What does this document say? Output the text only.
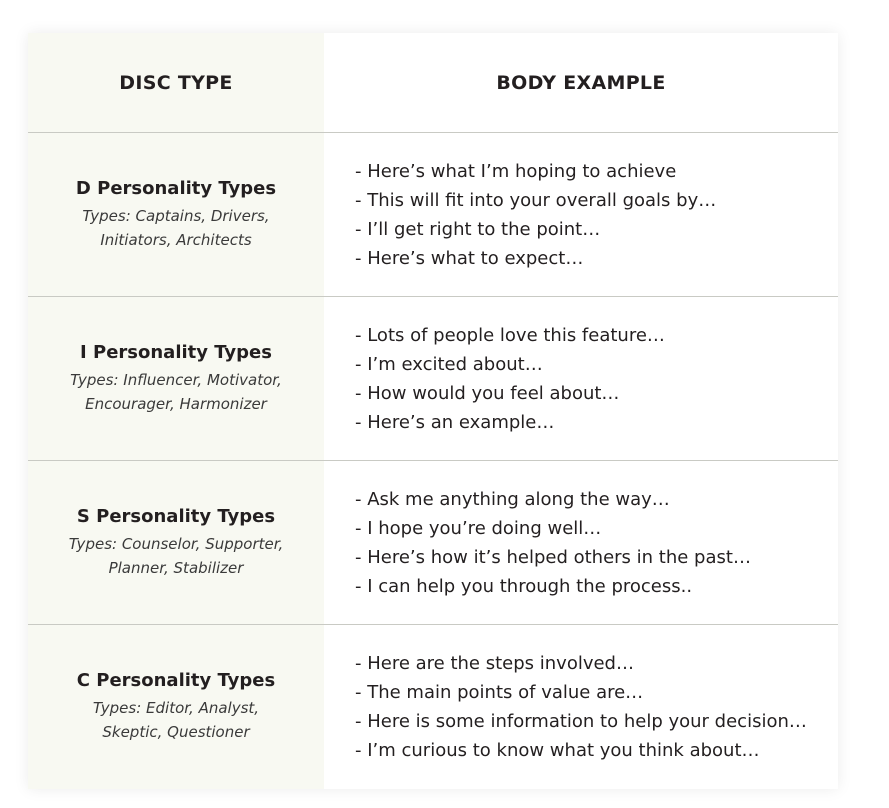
DISC TYPE	BODY EXAMPLE
D Personality Types
Types: Captains, Drivers, Initiators, Architects
- Here’s what I’m hoping to achieve
- This will fit into your overall goals by…
- I’ll get right to the point…
- Here’s what to expect…
I Personality Types
Types: Influencer, Motivator, Encourager, Harmonizer
- Lots of people love this feature…
- I’m excited about…
- How would you feel about…
- Here’s an example…
S Personality Types
Types: Counselor, Supporter, Planner, Stabilizer
- Ask me anything along the way…
- I hope you’re doing well…
- Here’s how it’s helped others in the past…
- I can help you through the process..
C Personality Types
Types: Editor, Analyst, Skeptic, Questioner
- Here are the steps involved…
- The main points of value are…
- Here is some information to help your decision…
- I’m curious to know what you think about…
